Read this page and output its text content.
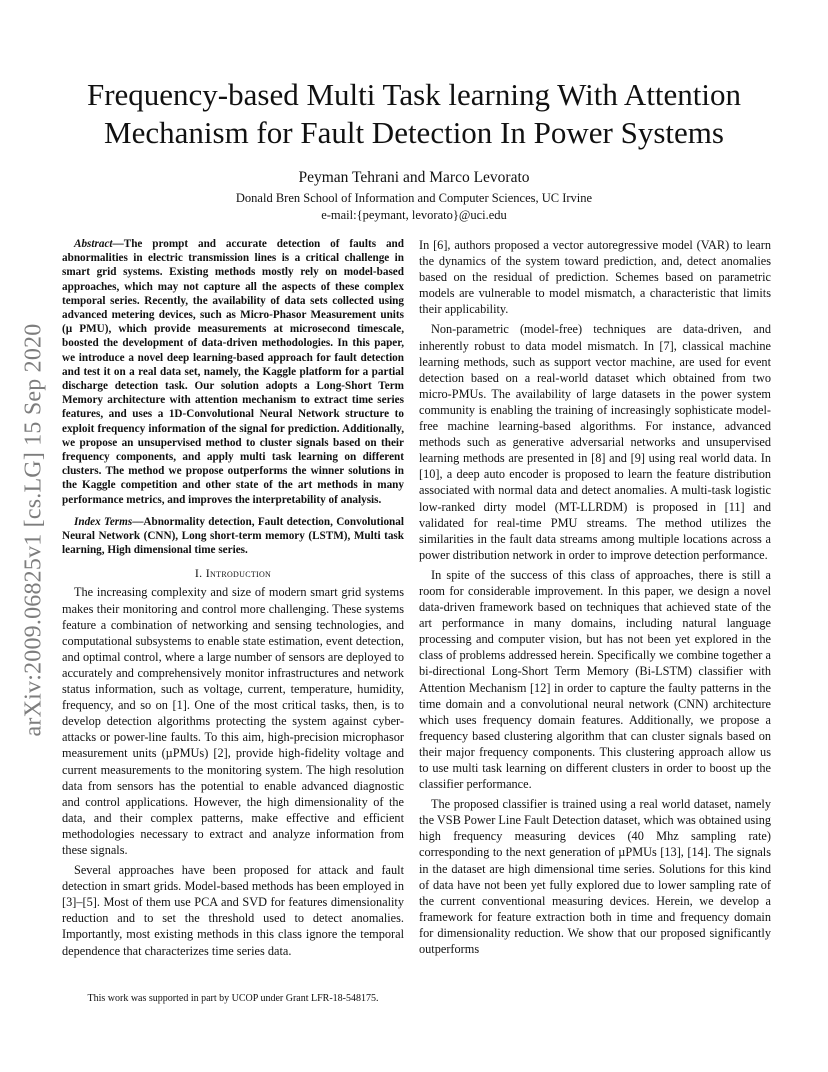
arXiv:2009.06825v1 [cs.LG] 15 Sep 2020
Frequency-based Multi Task learning With Attention
Mechanism for Fault Detection In Power Systems
Peyman Tehrani and Marco Levorato
Donald Bren School of Information and Computer Sciences, UC Irvine
e-mail:{peymant, levorato}@uci.edu

Abstract—The prompt and accurate detection of faults and abnormalities in electric transmission lines is a critical challenge in smart grid systems. Existing methods mostly rely on model-based approaches, which may not capture all the aspects of these complex temporal series. Recently, the availability of data sets collected using advanced metering devices, such as Micro-Phasor Measurement units (µ PMU), which provide measurements at microsecond timescale, boosted the development of data-driven methodologies. In this paper, we introduce a novel deep learning-based approach for fault detection and test it on a real data set, namely, the Kaggle platform for a partial discharge detection task. Our solution adopts a Long-Short Term Memory architecture with attention mechanism to extract time series features, and uses a 1D-Convolutional Neural Network structure to exploit frequency information of the signal for prediction. Additionally, we propose an unsupervised method to cluster signals based on their frequency components, and apply multi task learning on different clusters. The method we propose outperforms the winner solutions in the Kaggle competition and other state of the art methods in many performance metrics, and improves the interpretability of analysis.

Index Terms—Abnormality detection, Fault detection, Convolutional Neural Network (CNN), Long short-term memory (LSTM), Multi task learning, High dimensional time series.

I. Introduction

The increasing complexity and size of modern smart grid systems makes their monitoring and control more challenging. These systems feature a combination of networking and sensing technologies, and computational subsystems to enable state estimation, event detection, and optimal control, where a large number of sensors are deployed to accurately and comprehensively monitor infrastructures and network status information, such as voltage, current, temperature, humidity, frequency, and so on [1]. One of the most critical tasks, then, is to develop detection algorithms protecting the system against cyber-attacks or power-line faults. To this aim, high-precision microphasor measurement units (µPMUs) [2], provide high-fidelity voltage and current measurements to the monitoring system. The high resolution data from sensors has the potential to enable advanced diagnostic and control applications. However, the high dimensionality of the data, and their complex patterns, make effective and efficient methodologies necessary to extract and analyze information from these signals.

Several approaches have been proposed for attack and fault detection in smart grids. Model-based methods has been employed in [3]–[5]. Most of them use PCA and SVD for features dimensionality reduction and to set the threshold used to detect anomalies. Importantly, most existing methods in this class ignore the temporal dependence that characterizes time series data.

This work was supported in part by UCOP under Grant LFR-18-548175.

In [6], authors proposed a vector autoregressive model (VAR) to learn the dynamics of the system toward prediction, and, detect anomalies based on the residual of prediction. Schemes based on parametric models are vulnerable to model mismatch, a characteristic that limits their applicability.

Non-parametric (model-free) techniques are data-driven, and inherently robust to data model mismatch. In [7], classical machine learning methods, such as support vector machine, are used for event detection based on a real-world dataset which obtained from two micro-PMUs. The availability of large datasets in the power system community is enabling the training of increasingly sophisticate model-free machine learning-based algorithms. For instance, advanced methods such as generative adversarial networks and unsupervised learning methods are presented in [8] and [9] using real world data. In [10], a deep auto encoder is proposed to learn the feature distribution associated with normal data and detect anomalies. A multi-task logistic low-ranked dirty model (MT-LLRDM) is proposed in [11] and validated for real-time PMU streams. The method utilizes the similarities in the fault data streams among multiple locations across a power distribution network in order to improve detection performance.

In spite of the success of this class of approaches, there is still a room for considerable improvement. In this paper, we design a novel data-driven framework based on techniques that achieved state of the art performance in many domains, including natural language processing and computer vision, but has not been yet explored in the class of problems addressed herein. Specifically we combine together a bi-directional Long-Short Term Memory (Bi-LSTM) classifier with Attention Mechanism [12] in order to capture the faulty patterns in the time domain and a convolutional neural network (CNN) architecture which uses frequency domain features. Additionally, we propose a frequency based clustering algorithm that can cluster signals based on their major frequency components. This clustering approach allow us to use multi task learning on different clusters in order to boost up the classifier performance.

The proposed classifier is trained using a real world dataset, namely the VSB Power Line Fault Detection dataset, which was obtained using high frequency measuring devices (40 Mhz sampling rate) corresponding to the next generation of µPMUs [13], [14]. The signals in the dataset are high dimensional time series. Solutions for this kind of data have not been yet fully explored due to lower sampling rate of the current conventional measuring devices. Herein, we develop a framework for feature extraction both in time and frequency domain for dimensionality reduction. We show that our proposed significantly outperforms
